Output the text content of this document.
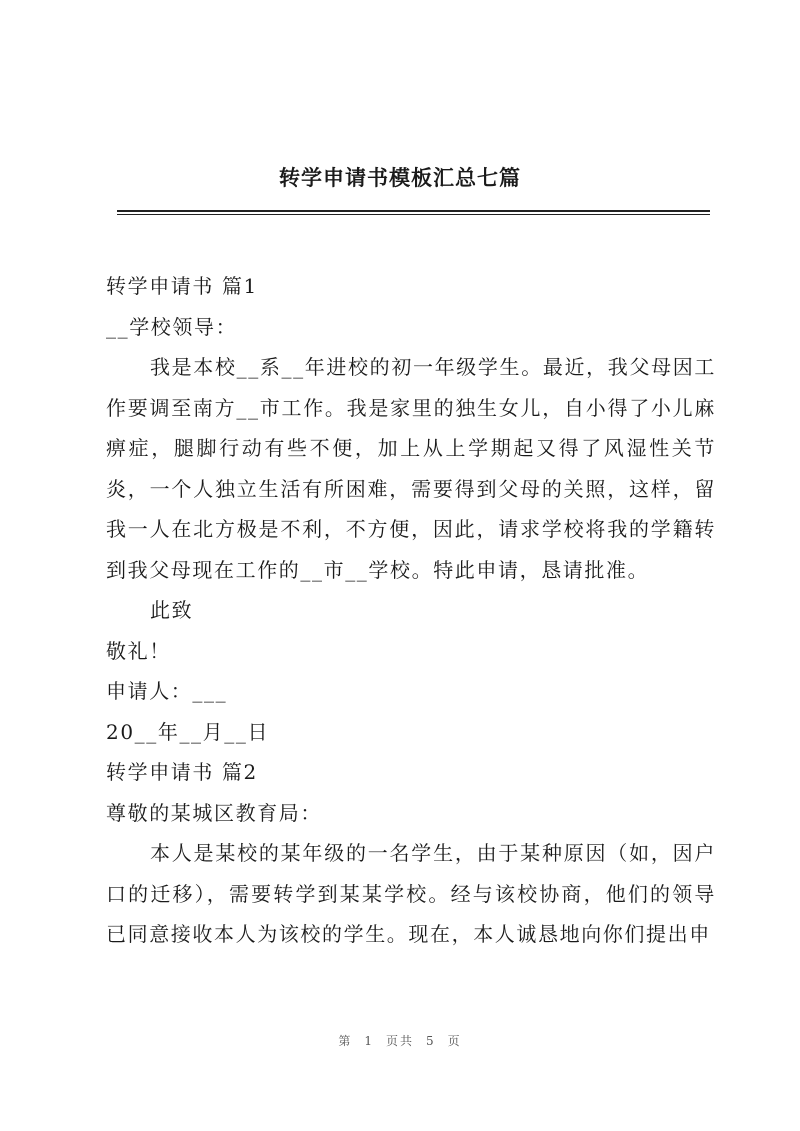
转学申请书模板汇总七篇

转学申请书 篇1

__学校领导：

我是本校__系__年进校的初一年级学生。最近，我父母因工作要调至南方__市工作。我是家里的独生女儿，自小得了小儿麻痹症，腿脚行动有些不便，加上从上学期起又得了风湿性关节炎，一个人独立生活有所困难，需要得到父母的关照，这样，留我一人在北方极是不利，不方便，因此，请求学校将我的学籍转到我父母现在工作的__市__学校。特此申请，恳请批准。

此致

敬礼！

申请人：___

20__年__月__日

转学申请书 篇2

尊敬的某城区教育局：

本人是某校的某年级的一名学生，由于某种原因（如，因户口的迁移），需要转学到某某学校。经与该校协商，他们的领导已同意接收本人为该校的学生。现在，本人诚恳地向你们提出申

第 1 页共 5 页
